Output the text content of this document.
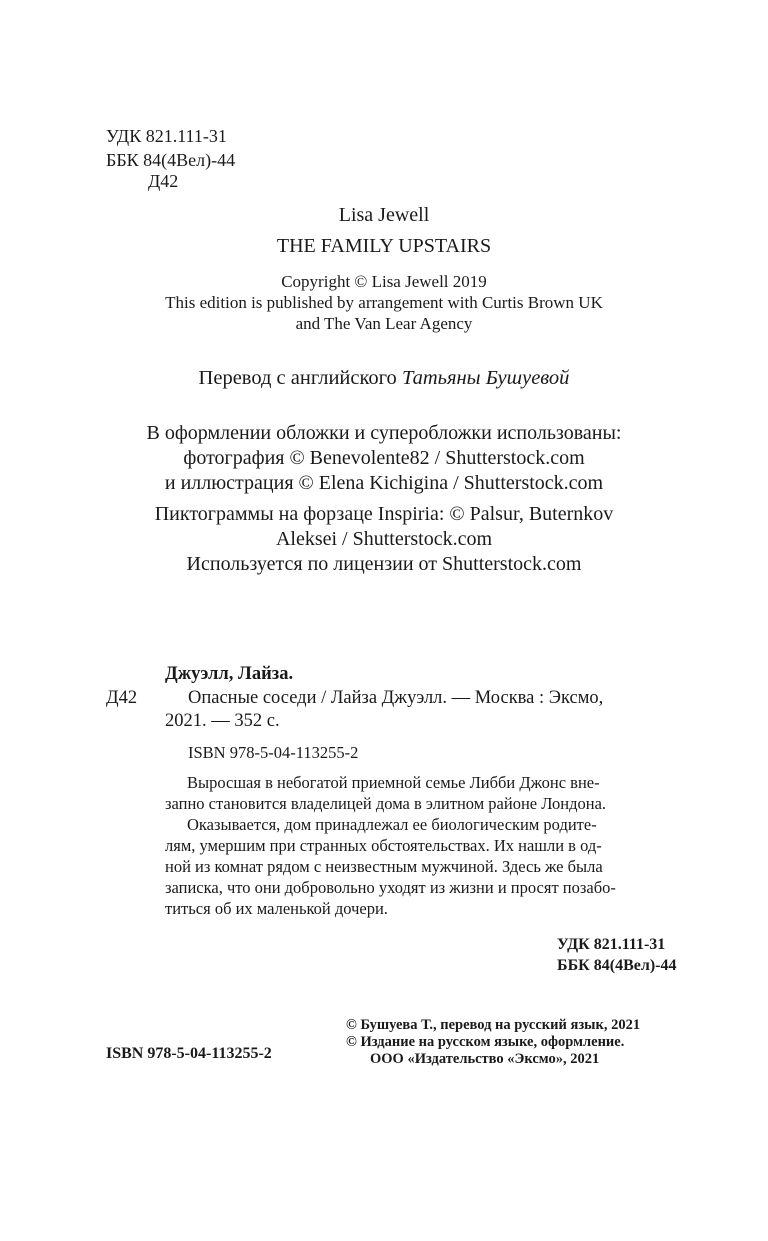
УДК 821.111-31
ББК 84(4Вел)-44
Д42
Lisa Jewell
THE FAMILY UPSTAIRS
Copyright © Lisa Jewell 2019
This edition is published by arrangement with Curtis Brown UK
and The Van Lear Agency
Перевод с английского Татьяны Бушуевой
В оформлении обложки и суперобложки использованы:
фотография © Benevolente82 / Shutterstock.com
и иллюстрация © Elena Kichigina / Shutterstock.com
Пиктограммы на форзаце Inspiria: © Palsur, Buternkov
Aleksei / Shutterstock.com
Используется по лицензии от Shutterstock.com
Джуэлл, Лайза.
Д42	Опасные соседи / Лайза Джуэлл. — Москва : Эксмо,
2021. — 352 с.
ISBN 978-5-04-113255-2
Выросшая в небогатой приемной семье Либби Джонс вне-
запно становится владелицей дома в элитном районе Лондона.
Оказывается, дом принадлежал ее биологическим родите-
лям, умершим при странных обстоятельствах. Их нашли в од-
ной из комнат рядом с неизвестным мужчиной. Здесь же была
записка, что они добровольно уходят из жизни и просят позабо-
титься об их маленькой дочери.
УДК 821.111-31
ББК 84(4Вел)-44
ISBN 978-5-04-113255-2
© Бушуева Т., перевод на русский язык, 2021
© Издание на русском языке, оформление.
ООО «Издательство «Эксмо», 2021
